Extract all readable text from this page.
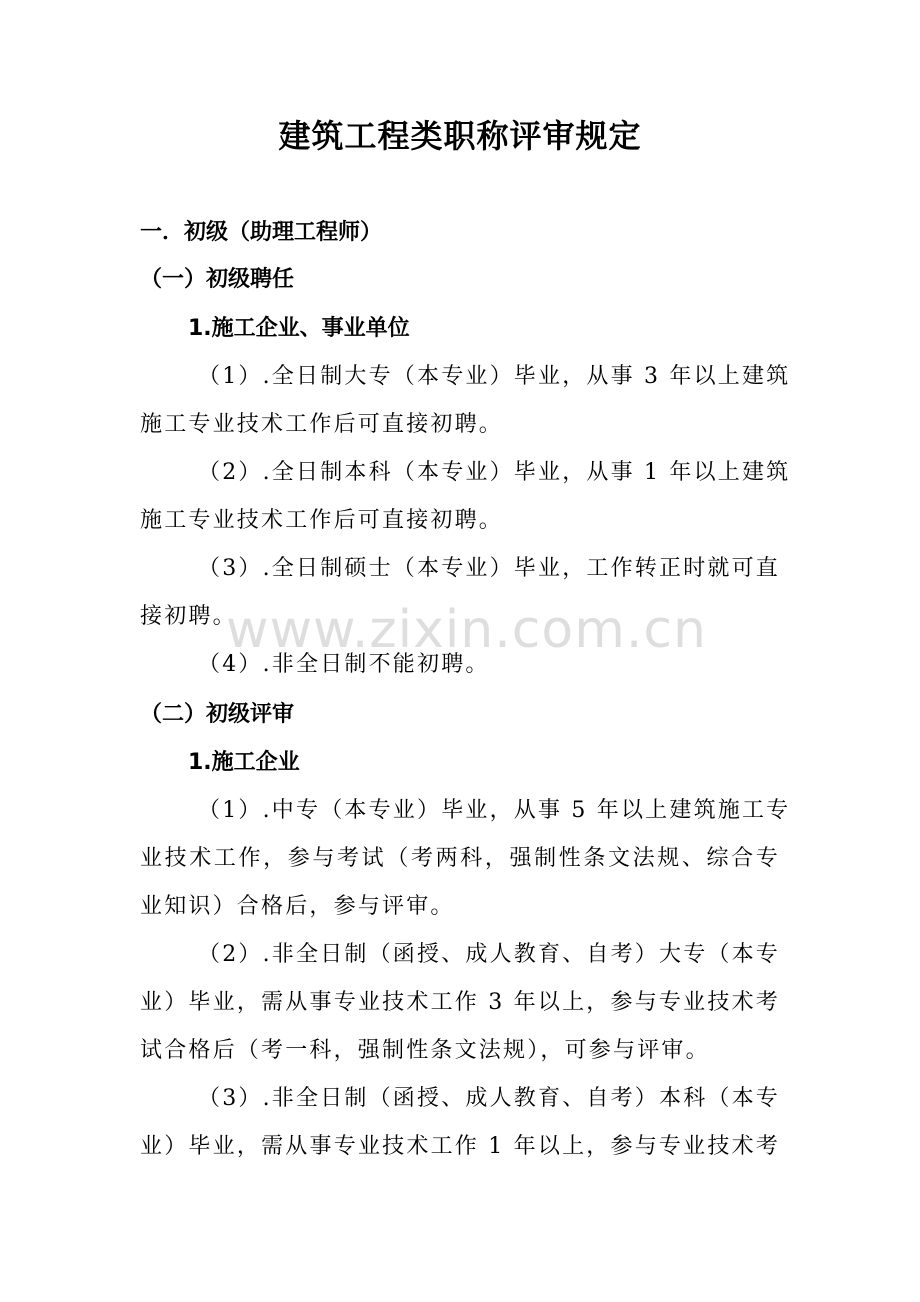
建筑工程类职称评审规定
一．初级（助理工程师）
（一）初级聘任
1.施工企业、事业单位
（1）.全日制大专（本专业）毕业，从事 3 年以上建筑
施工专业技术工作后可直接初聘。
（2）.全日制本科（本专业）毕业，从事 1 年以上建筑
施工专业技术工作后可直接初聘。
（3）.全日制硕士（本专业）毕业，工作转正时就可直
接初聘。
（4）.非全日制不能初聘。
（二）初级评审
1.施工企业
（1）.中专（本专业）毕业，从事 5 年以上建筑施工专
业技术工作，参与考试（考两科，强制性条文法规、综合专
业知识）合格后，参与评审。
（2）.非全日制（函授、成人教育、自考）大专（本专
业）毕业，需从事专业技术工作 3 年以上，参与专业技术考
试合格后（考一科，强制性条文法规），可参与评审。
（3）.非全日制（函授、成人教育、自考）本科（本专
业）毕业，需从事专业技术工作 1 年以上，参与专业技术考
www.zixin.com.cn
